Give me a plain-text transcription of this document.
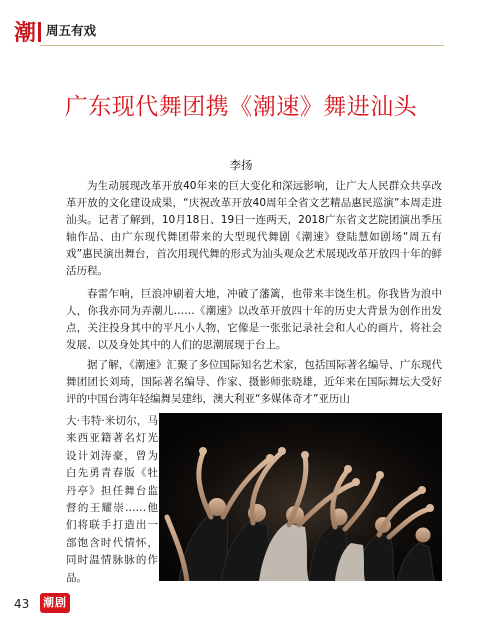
潮 周五有戏
广东现代舞团携《潮速》舞进汕头
李扬

为生动展现改革开放40年来的巨大变化和深远影响，让广大人民群众共享改革开放的文化建设成果，“庆祝改革开放40周年全省文艺精品惠民巡演”本周走进汕头。记者了解到，10月18日、19日一连两天，2018广东省文艺院团演出季压轴作品、由广东现代舞团带来的大型现代舞剧《潮速》登陆慧如剧场“周五有戏”惠民演出舞台，首次用现代舞的形式为汕头观众艺术展现改革开放四十年的鲜活历程。

春雷乍响，巨浪冲刷着大地，冲破了藩篱，也带来丰饶生机。你我皆为浪中人，你我亦同为弄潮儿……《潮速》以改革开放四十年的历史大背景为创作出发点，关注投身其中的平凡小人物，它像是一张张记录社会和人心的画片，将社会发展、以及身处其中的人们的思潮展现于台上。

据了解，《潮速》汇聚了多位国际知名艺术家，包括国际著名编导、广东现代舞团团长刘琦，国际著名编导、作家、摄影师张晓雄，近年来在国际舞坛大受好评的中国台湾年轻编舞吴建纬，澳大利亚“多媒体奇才”亚历山

大·韦特·米切尔，马来西亚籍著名灯光设计刘涛豪，曾为白先勇青春版《牡丹亭》担任舞台监督的王耀崇……他们将联手打造出一部饱含时代情怀，同时温情脉脉的作品。

43 潮剧
